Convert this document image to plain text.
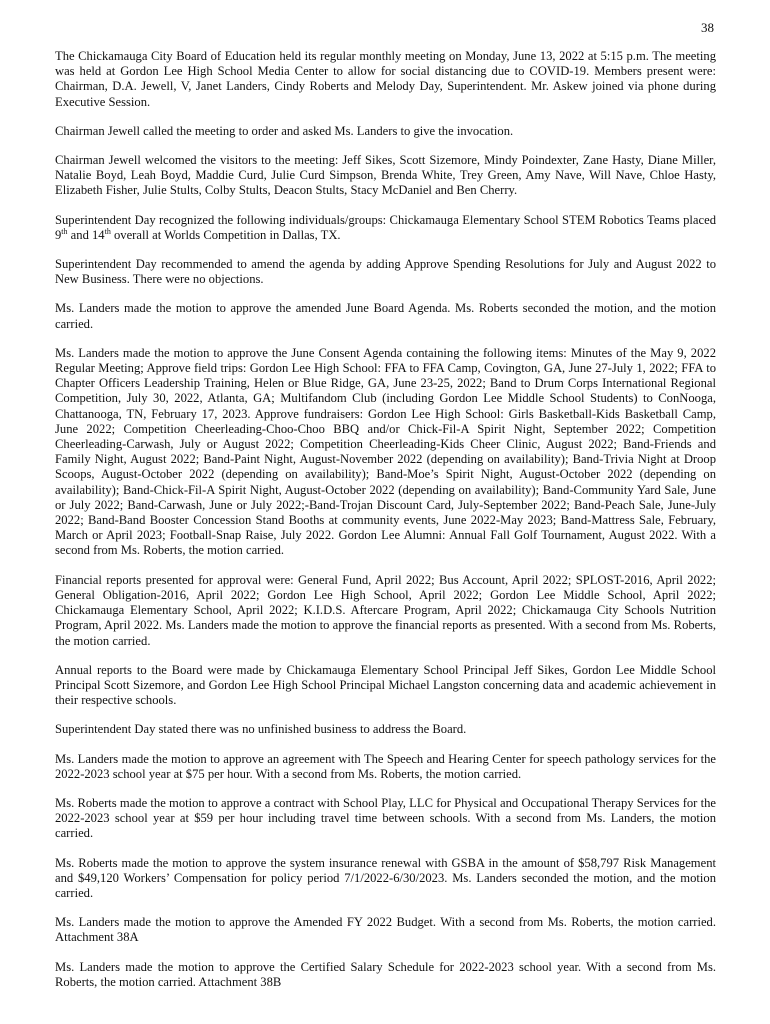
38

The Chickamauga City Board of Education held its regular monthly meeting on Monday, June 13, 2022 at 5:15 p.m. The meeting was held at Gordon Lee High School Media Center to allow for social distancing due to COVID-19. Members present were: Chairman, D.A. Jewell, V, Janet Landers, Cindy Roberts and Melody Day, Superintendent. Mr. Askew joined via phone during Executive Session.

Chairman Jewell called the meeting to order and asked Ms. Landers to give the invocation.

Chairman Jewell welcomed the visitors to the meeting: Jeff Sikes, Scott Sizemore, Mindy Poindexter, Zane Hasty, Diane Miller, Natalie Boyd, Leah Boyd, Maddie Curd, Julie Curd Simpson, Brenda White, Trey Green, Amy Nave, Will Nave, Chloe Hasty, Elizabeth Fisher, Julie Stults, Colby Stults, Deacon Stults, Stacy McDaniel and Ben Cherry.

Superintendent Day recognized the following individuals/groups: Chickamauga Elementary School STEM Robotics Teams placed 9th and 14th overall at Worlds Competition in Dallas, TX.

Superintendent Day recommended to amend the agenda by adding Approve Spending Resolutions for July and August 2022 to New Business. There were no objections.

Ms. Landers made the motion to approve the amended June Board Agenda. Ms. Roberts seconded the motion, and the motion carried.

Ms. Landers made the motion to approve the June Consent Agenda containing the following items: Minutes of the May 9, 2022 Regular Meeting; Approve field trips: Gordon Lee High School: FFA to FFA Camp, Covington, GA, June 27-July 1, 2022; FFA to Chapter Officers Leadership Training, Helen or Blue Ridge, GA, June 23-25, 2022; Band to Drum Corps International Regional Competition, July 30, 2022, Atlanta, GA; Multifandom Club (including Gordon Lee Middle School Students) to ConNooga, Chattanooga, TN, February 17, 2023. Approve fundraisers: Gordon Lee High School: Girls Basketball-Kids Basketball Camp, June 2022; Competition Cheerleading-Choo-Choo BBQ and/or Chick-Fil-A Spirit Night, September 2022; Competition Cheerleading-Carwash, July or August 2022; Competition Cheerleading-Kids Cheer Clinic, August 2022; Band-Friends and Family Night, August 2022; Band-Paint Night, August-November 2022 (depending on availability); Band-Trivia Night at Droop Scoops, August-October 2022 (depending on availability); Band-Moe’s Spirit Night, August-October 2022 (depending on availability); Band-Chick-Fil-A Spirit Night, August-October 2022 (depending on availability); Band-Community Yard Sale, June or July 2022; Band-Carwash, June or July 2022;-Band-Trojan Discount Card, July-September 2022; Band-Peach Sale, June-July 2022; Band-Band Booster Concession Stand Booths at community events, June 2022-May 2023; Band-Mattress Sale, February, March or April 2023; Football-Snap Raise, July 2022. Gordon Lee Alumni: Annual Fall Golf Tournament, August 2022. With a second from Ms. Roberts, the motion carried.

Financial reports presented for approval were: General Fund, April 2022; Bus Account, April 2022; SPLOST-2016, April 2022; General Obligation-2016, April 2022; Gordon Lee High School, April 2022; Gordon Lee Middle School, April 2022; Chickamauga Elementary School, April 2022; K.I.D.S. Aftercare Program, April 2022; Chickamauga City Schools Nutrition Program, April 2022. Ms. Landers made the motion to approve the financial reports as presented. With a second from Ms. Roberts, the motion carried.

Annual reports to the Board were made by Chickamauga Elementary School Principal Jeff Sikes, Gordon Lee Middle School Principal Scott Sizemore, and Gordon Lee High School Principal Michael Langston concerning data and academic achievement in their respective schools.

Superintendent Day stated there was no unfinished business to address the Board.

Ms. Landers made the motion to approve an agreement with The Speech and Hearing Center for speech pathology services for the 2022-2023 school year at $75 per hour. With a second from Ms. Roberts, the motion carried.

Ms. Roberts made the motion to approve a contract with School Play, LLC for Physical and Occupational Therapy Services for the 2022-2023 school year at $59 per hour including travel time between schools. With a second from Ms. Landers, the motion carried.

Ms. Roberts made the motion to approve the system insurance renewal with GSBA in the amount of $58,797 Risk Management and $49,120 Workers’ Compensation for policy period 7/1/2022-6/30/2023. Ms. Landers seconded the motion, and the motion carried.

Ms. Landers made the motion to approve the Amended FY 2022 Budget. With a second from Ms. Roberts, the motion carried. Attachment 38A

Ms. Landers made the motion to approve the Certified Salary Schedule for 2022-2023 school year. With a second from Ms. Roberts, the motion carried. Attachment 38B
